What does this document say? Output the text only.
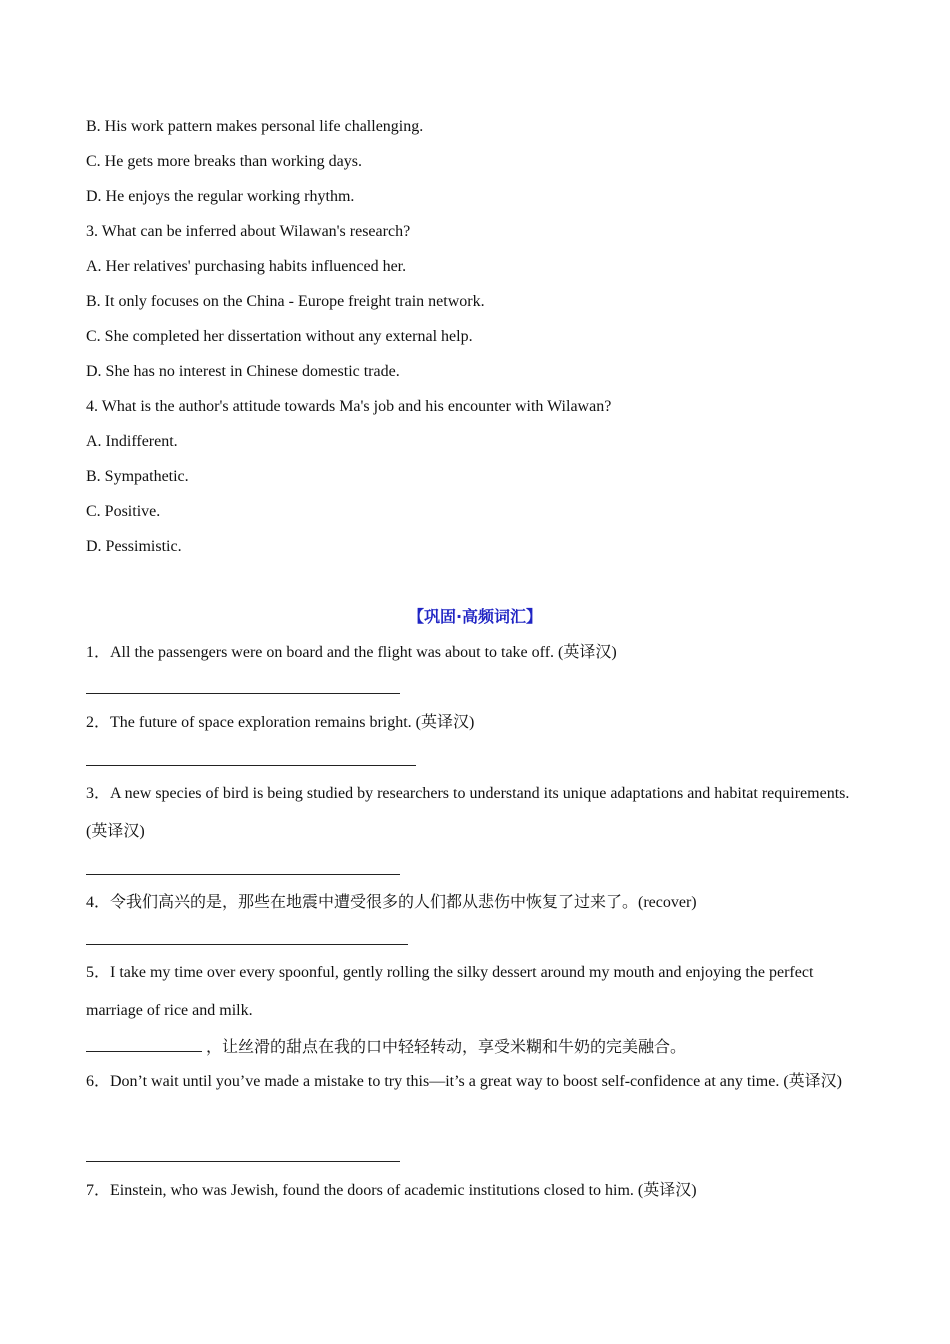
B. His work pattern makes personal life challenging.
C. He gets more breaks than working days.
D. He enjoys the regular working rhythm.
3. What can be inferred about Wilawan's research?
A. Her relatives' purchasing habits influenced her.
B. It only focuses on the China - Europe freight train network.
C. She completed her dissertation without any external help.
D. She has no interest in Chinese domestic trade.
4. What is the author's attitude towards Ma's job and his encounter with Wilawan?
A. Indifferent.
B. Sympathetic.
C. Positive.
D. Pessimistic.
【巩固·高频词汇】
1．All the passengers were on board and the flight was about to take off. (英译汉)
2．The future of space exploration remains bright. (英译汉)
3．A new species of bird is being studied by researchers to understand its unique adaptations and habitat requirements. (英译汉)
4．令我们高兴的是，那些在地震中遭受很多的人们都从悲伤中恢复了过来了。(recover)
5．I take my time over every spoonful, gently rolling the silky dessert around my mouth and enjoying the perfect marriage of rice and milk.
，让丝滑的甜点在我的口中轻轻转动，享受米糊和牛奶的完美融合。
6．Don’t wait until you’ve made a mistake to try this—it’s a great way to boost self-confidence at any time. (英译汉)
7．Einstein, who was Jewish, found the doors of academic institutions closed to him. (英译汉)
